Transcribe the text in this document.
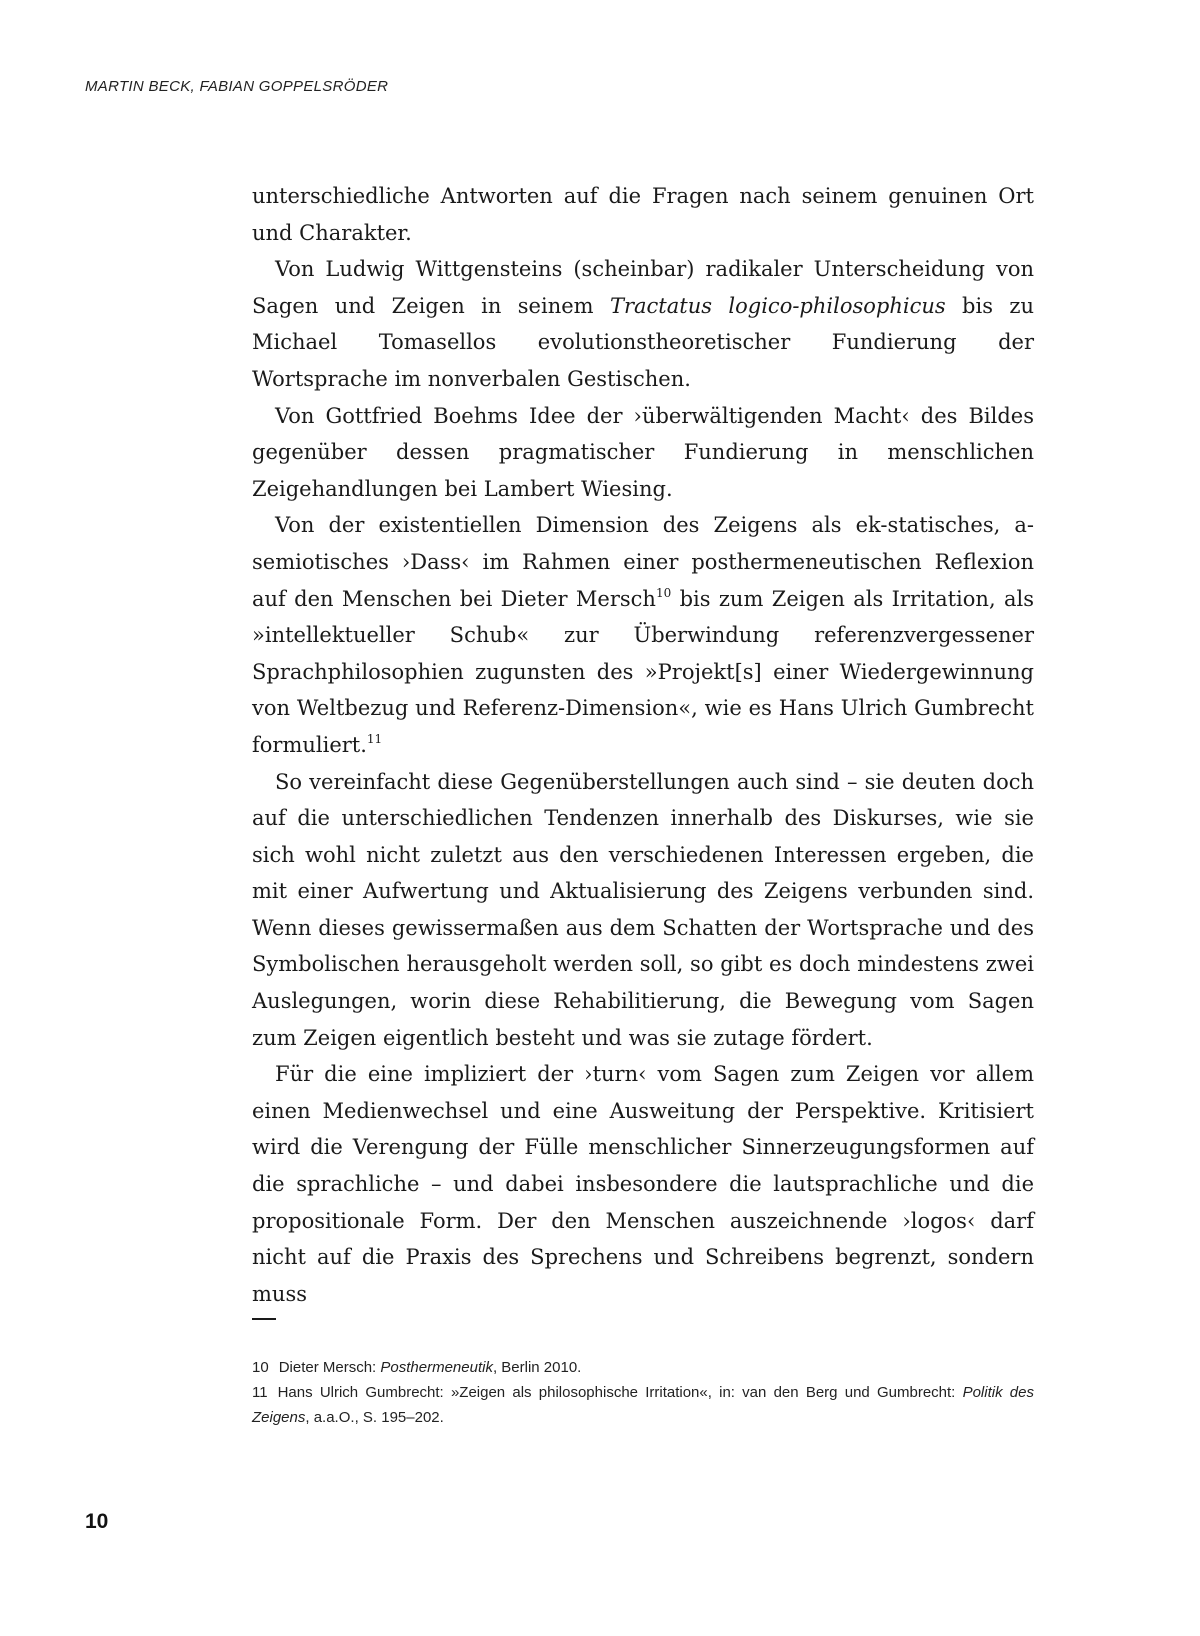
MARTIN BECK, FABIAN GOPPELSRÖDER

unterschiedliche Antworten auf die Fragen nach seinem genuinen Ort und Charakter.

Von Ludwig Wittgensteins (scheinbar) radikaler Unterscheidung von Sagen und Zeigen in seinem Tractatus logico-philosophicus bis zu Michael Tomasellos evolutionstheoretischer Fundierung der Wortsprache im nonverbalen Gestischen.

Von Gottfried Boehms Idee der ›überwältigenden Macht‹ des Bildes gegenüber dessen pragmatischer Fundierung in menschlichen Zeigehandlungen bei Lambert Wiesing.

Von der existentiellen Dimension des Zeigens als ek-statisches, a-semiotisches ›Dass‹ im Rahmen einer posthermeneutischen Reflexion auf den Menschen bei Dieter Mersch$^{10}$ bis zum Zeigen als Irritation, als »intellektueller Schub« zur Überwindung referenzvergessener Sprachphilosophien zugunsten des »Projekt[s] einer Wiedergewinnung von Weltbezug und Referenz-Dimension«, wie es Hans Ulrich Gumbrecht formuliert.$^{11}$

So vereinfacht diese Gegenüberstellungen auch sind – sie deuten doch auf die unterschiedlichen Tendenzen innerhalb des Diskurses, wie sie sich wohl nicht zuletzt aus den verschiedenen Interessen ergeben, die mit einer Aufwertung und Aktualisierung des Zeigens verbunden sind. Wenn dieses gewissermaßen aus dem Schatten der Wortsprache und des Symbolischen herausgeholt werden soll, so gibt es doch mindestens zwei Auslegungen, worin diese Rehabilitierung, die Bewegung vom Sagen zum Zeigen eigentlich besteht und was sie zutage fördert.

Für die eine impliziert der ›turn‹ vom Sagen zum Zeigen vor allem einen Medienwechsel und eine Ausweitung der Perspektive. Kritisiert wird die Verengung der Fülle menschlicher Sinnerzeugungsformen auf die sprachliche – und dabei insbesondere die lautsprachliche und die propositionale Form. Der den Menschen auszeichnende ›logos‹ darf nicht auf die Praxis des Sprechens und Schreibens begrenzt, sondern muss

10 Dieter Mersch: Posthermeneutik, Berlin 2010.

11 Hans Ulrich Gumbrecht: »Zeigen als philosophische Irritation«, in: van den Berg und Gumbrecht: Politik des Zeigens, a.a.O., S. 195–202.

10
